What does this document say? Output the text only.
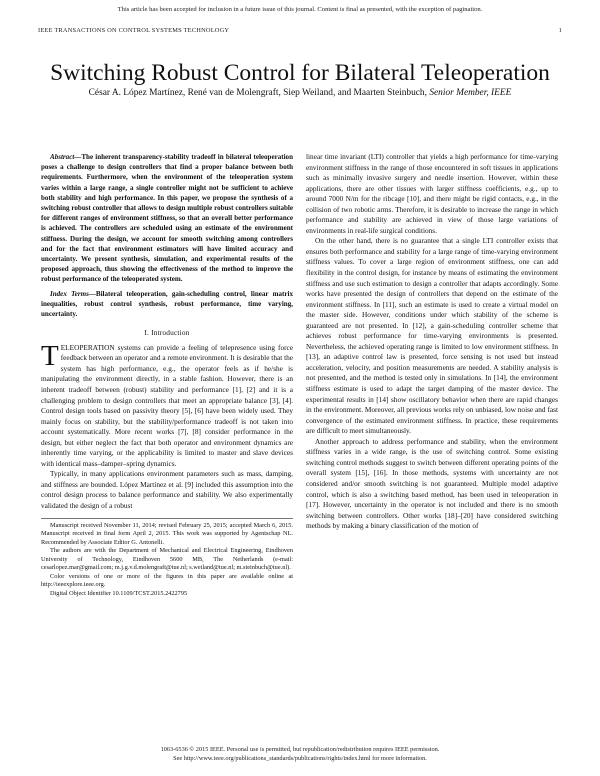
This article has been accepted for inclusion in a future issue of this journal. Content is final as presented, with the exception of pagination.
IEEE TRANSACTIONS ON CONTROL SYSTEMS TECHNOLOGY	1
Switching Robust Control for Bilateral Teleoperation
César A. López Martínez, René van de Molengraft, Siep Weiland, and Maarten Steinbuch, Senior Member, IEEE

Abstract—The inherent transparency-stability tradeoff in bilateral teleoperation poses a challenge to design controllers that find a proper balance between both requirements. Furthermore, when the environment of the teleoperation system varies within a large range, a single controller might not be sufficient to achieve both stability and high performance. In this paper, we propose the synthesis of a switching robust controller that allows to design multiple robust controllers suitable for different ranges of environment stiffness, so that an overall better performance is achieved. The controllers are scheduled using an estimate of the environment stiffness. During the design, we account for smooth switching among controllers and for the fact that environment estimators will have limited accuracy and uncertainty. We present synthesis, simulation, and experimental results of the proposed approach, thus showing the effectiveness of the method to improve the robust performance of the teleoperated system.

Index Terms—Bilateral teleoperation, gain-scheduling control, linear matrix inequalities, robust control synthesis, robust performance, time varying, uncertainty.

I. Introduction

TELEOPERATION systems can provide a feeling of telepresence using force feedback between an operator and a remote environment. It is desirable that the system has high performance, e.g., the operator feels as if he/she is manipulating the environment directly, in a stable fashion. However, there is an inherent tradeoff between (robust) stability and performance [1], [2] and it is a challenging problem to design controllers that meet an appropriate balance [3], [4]. Control design tools based on passivity theory [5], [6] have been widely used. They mainly focus on stability, but the stability/performance tradeoff is not taken into account systematically. More recent works [7], [8] consider performance in the design, but either neglect the fact that both operator and environment dynamics are inherently time varying, or the applicability is limited to master and slave devices with identical mass–damper–spring dynamics.

Typically, in many applications environment parameters such as mass, damping, and stiffness are bounded. López Martínez et al. [9] included this assumption into the control design process to balance performance and stability. We also experimentally validated the design of a robust

Manuscript received November 11, 2014; revised February 25, 2015; accepted March 6, 2015. Manuscript received in final form April 2, 2015. This work was supported by Agentschap NL. Recommended by Associate Editor G. Antonelli.
The authors are with the Department of Mechanical and Electrical Engineering, Eindhoven University of Technology, Eindhoven 5600 MB, The Netherlands (e-mail: cesarlopez.mar@gmail.com; m.j.g.v.d.molengraft@tue.nl; s.weiland@tue.nl; m.steinbuch@tue.nl).
Color versions of one or more of the figures in this paper are available online at http://ieeexplore.ieee.org.
Digital Object Identifier 10.1109/TCST.2015.2422795

linear time invariant (LTI) controller that yields a high performance for time-varying environment stiffness in the range of those encountered in soft tissues in applications such as minimally invasive surgery and needle insertion. However, within these applications, there are other tissues with larger stiffness coefficients, e.g., up to around 7000 N/m for the ribcage [10], and there might be rigid contacts, e.g., in the collision of two robotic arms. Therefore, it is desirable to increase the range in which performance and stability are achieved in view of those large variations of environments in real-life surgical conditions.

On the other hand, there is no guarantee that a single LTI controller exists that ensures both performance and stability for a large range of time-varying environment stiffness values. To cover a large region of environment stiffness, one can add flexibility in the control design, for instance by means of estimating the environment stiffness and use such estimation to design a controller that adapts accordingly. Some works have presented the design of controllers that depend on the estimate of the environment stiffness. In [11], such an estimate is used to create a virtual model on the master side. However, conditions under which stability of the scheme is guaranteed are not presented. In [12], a gain-scheduling controller scheme that achieves robust performance for time-varying environments is presented. Nevertheless, the achieved operating range is limited to low environment stiffness. In [13], an adaptive control law is presented, force sensing is not used but instead acceleration, velocity, and position measurements are needed. A stability analysis is not presented, and the method is tested only in simulations. In [14], the environment stiffness estimate is used to adapt the target damping of the master device. The experimental results in [14] show oscillatory behavior when there are rapid changes in the environment. Moreover, all previous works rely on unbiased, low noise and fast convergence of the estimated environment stiffness. In practice, these requirements are difficult to meet simultaneously.

Another approach to address performance and stability, when the environment stiffness varies in a wide range, is the use of switching control. Some existing switching control methods suggest to switch between different operating points of the overall system [15], [16]. In those methods, systems with uncertainty are not considered and/or smooth switching is not guaranteed. Multiple model adaptive control, which is also a switching based method, has been used in teleoperation in [17]. However, uncertainty in the operator is not included and there is no smooth switching between controllers. Other works [18]–[20] have considered switching methods by making a binary classification of the motion of

1063-6536 © 2015 IEEE. Personal use is permitted, but republication/redistribution requires IEEE permission.
See http://www.ieee.org/publications_standards/publications/rights/index.html for more information.
